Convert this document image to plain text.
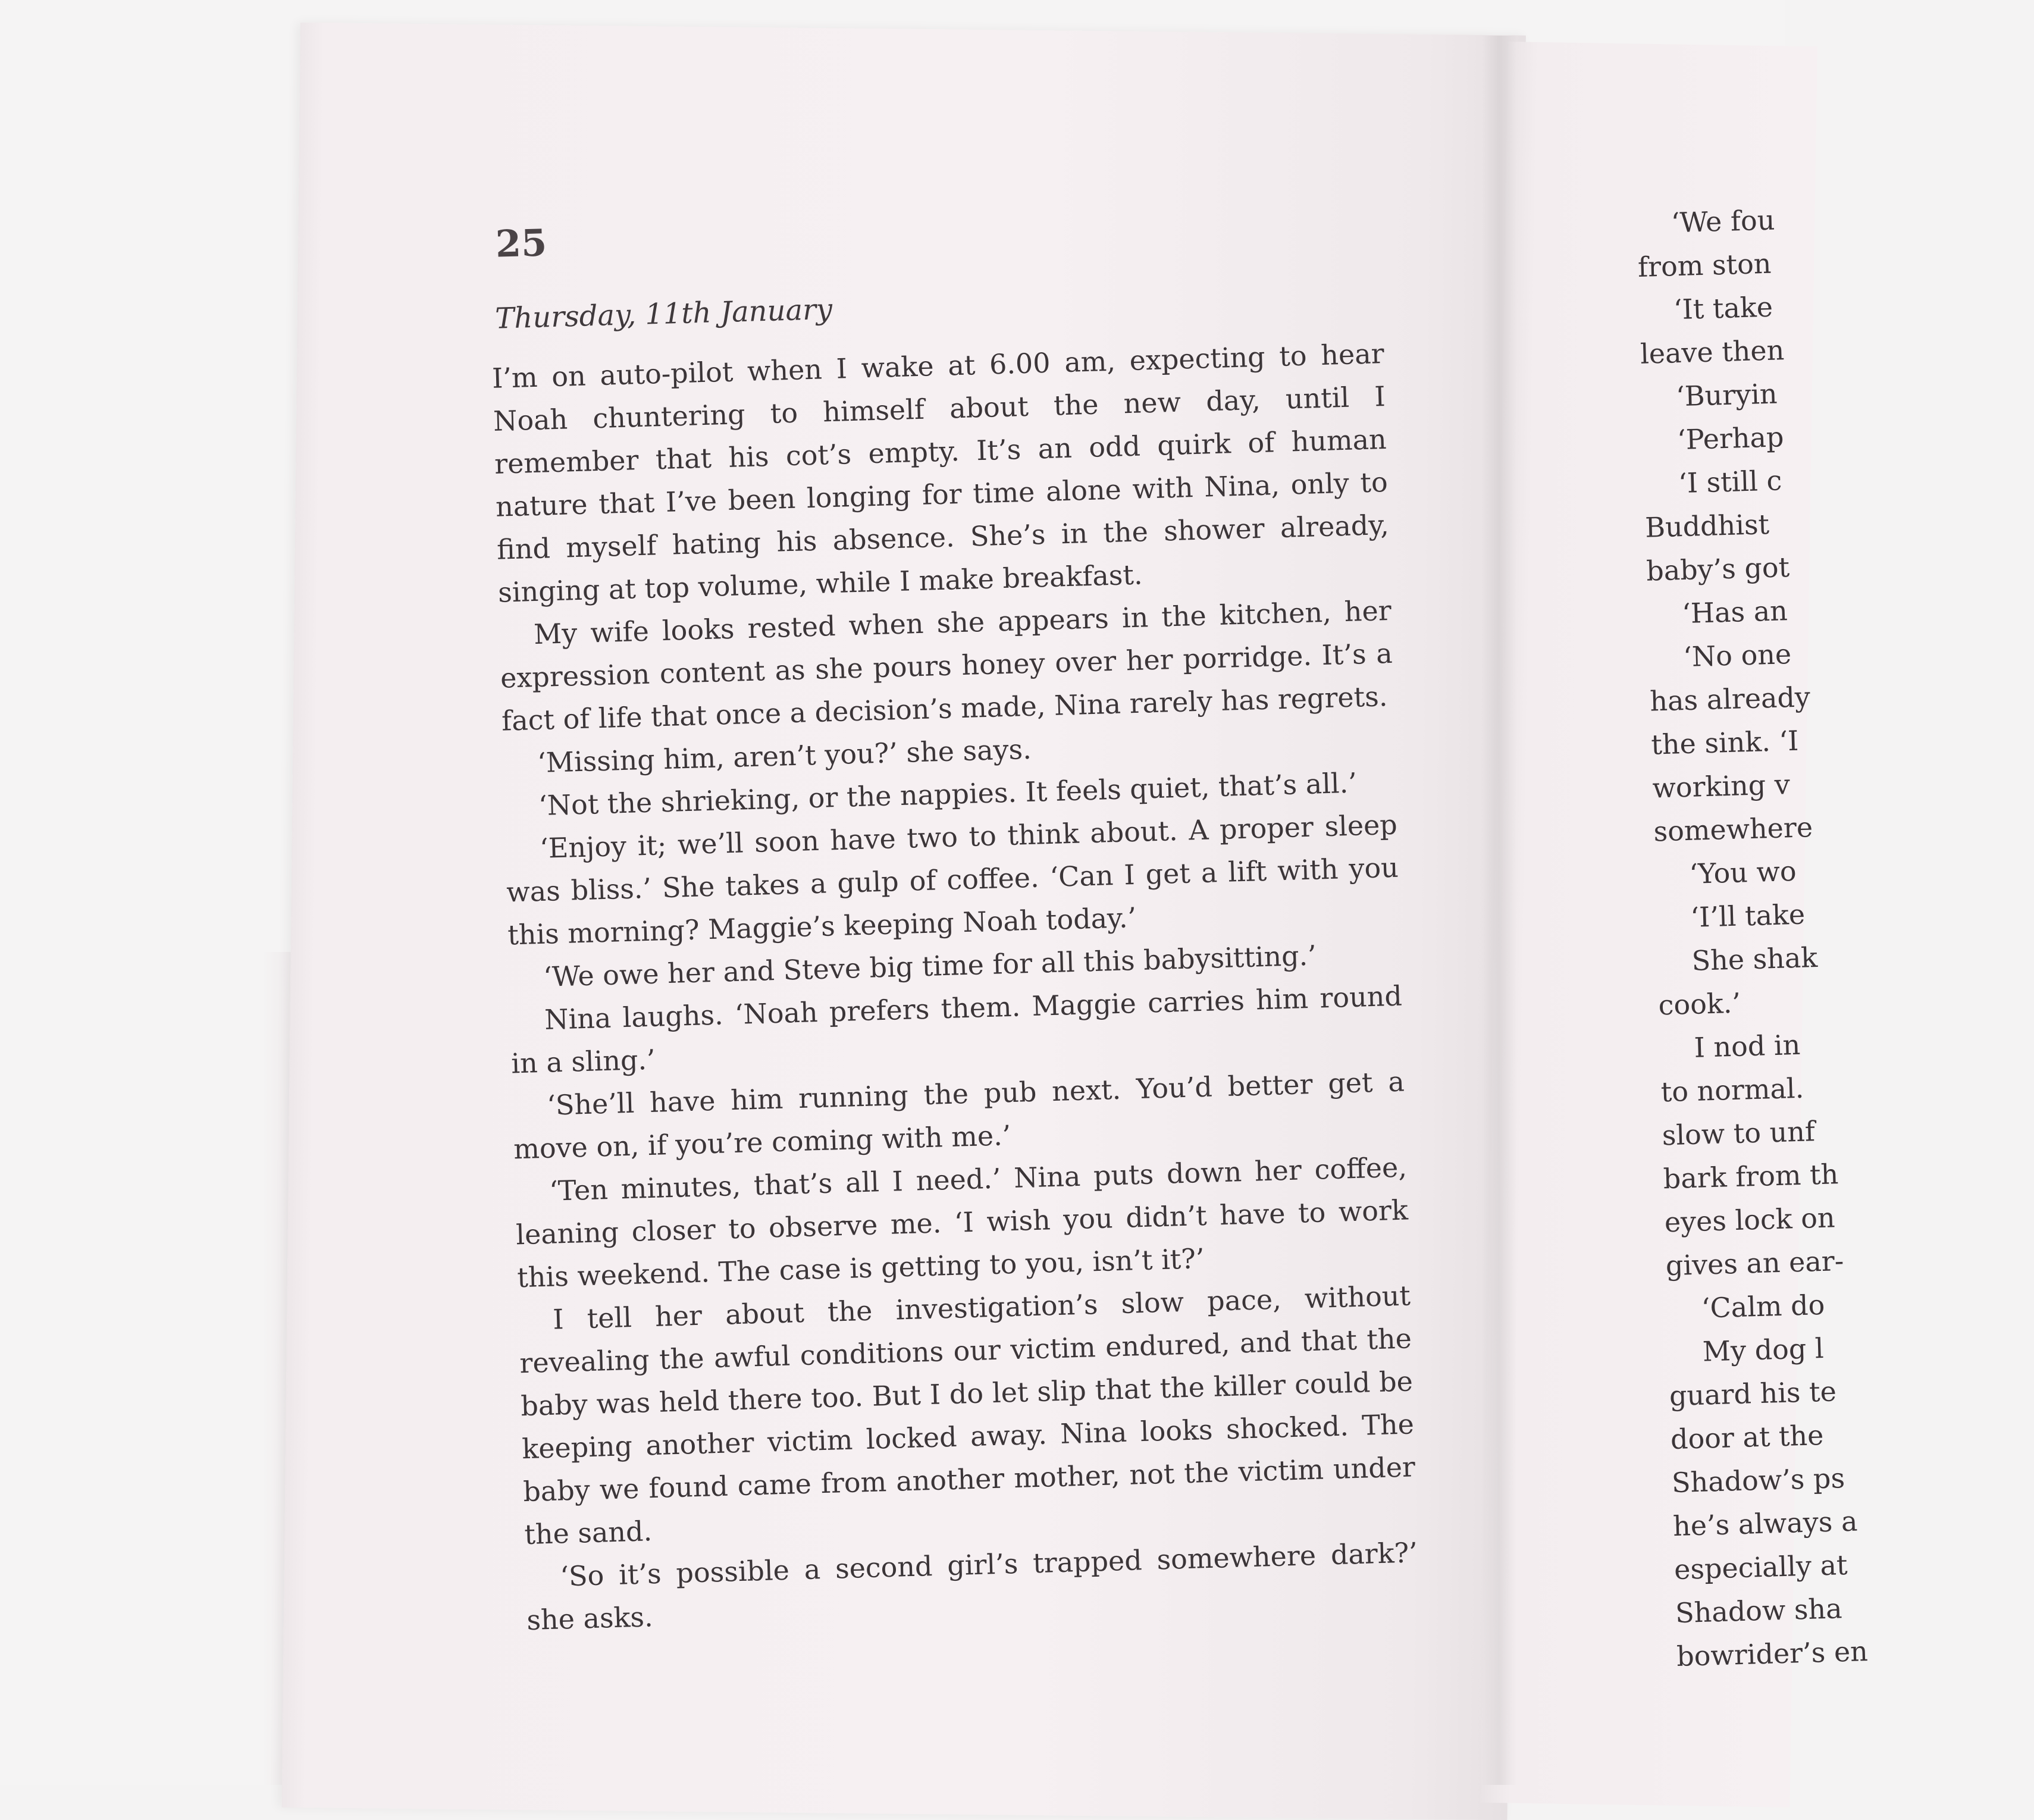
25
Thursday, 11th January

I’m on auto-pilot when I wake at 6.00 am, expecting to hear Noah chuntering to himself about the new day, until I remember that his cot’s empty. It’s an odd quirk of human nature that I’ve been longing for time alone with Nina, only to find myself hating his absence. She’s in the shower already, singing at top volume, while I make breakfast.

My wife looks rested when she appears in the kitchen, her expression content as she pours honey over her porridge. It’s a fact of life that once a decision’s made, Nina rarely has regrets.

‘Missing him, aren’t you?’ she says.

‘Not the shrieking, or the nappies. It feels quiet, that’s all.’

‘Enjoy it; we’ll soon have two to think about. A proper sleep was bliss.’ She takes a gulp of coffee. ‘Can I get a lift with you this morning? Maggie’s keeping Noah today.’

‘We owe her and Steve big time for all this babysitting.’

Nina laughs. ‘Noah prefers them. Maggie carries him round in a sling.’

‘She’ll have him running the pub next. You’d better get a move on, if you’re coming with me.’

‘Ten minutes, that’s all I need.’ Nina puts down her coffee, leaning closer to observe me. ‘I wish you didn’t have to work this weekend. The case is getting to you, isn’t it?’

I tell her about the investigation’s slow pace, without revealing the awful conditions our victim endured, and that the baby was held there too. But I do let slip that the killer could be keeping another victim locked away. Nina looks shocked. The baby we found came from another mother, not the victim under the sand.

‘So it’s possible a second girl’s trapped somewhere dark?’ she asks.

‘We fou
from ston
‘It take
leave then
‘Buryin
‘Perhap
‘I still c
Buddhist
baby’s got
‘Has an
‘No one
has already
the sink. ‘I
working v
somewhere
‘You wo
‘I’ll take
She shak
cook.’
I nod in
to normal.
slow to unf
bark from th
eyes lock on
gives an ear-
‘Calm do
My dog l
guard his te
door at the
Shadow’s ps
he’s always a
especially at
Shadow sha
bowrider’s en
